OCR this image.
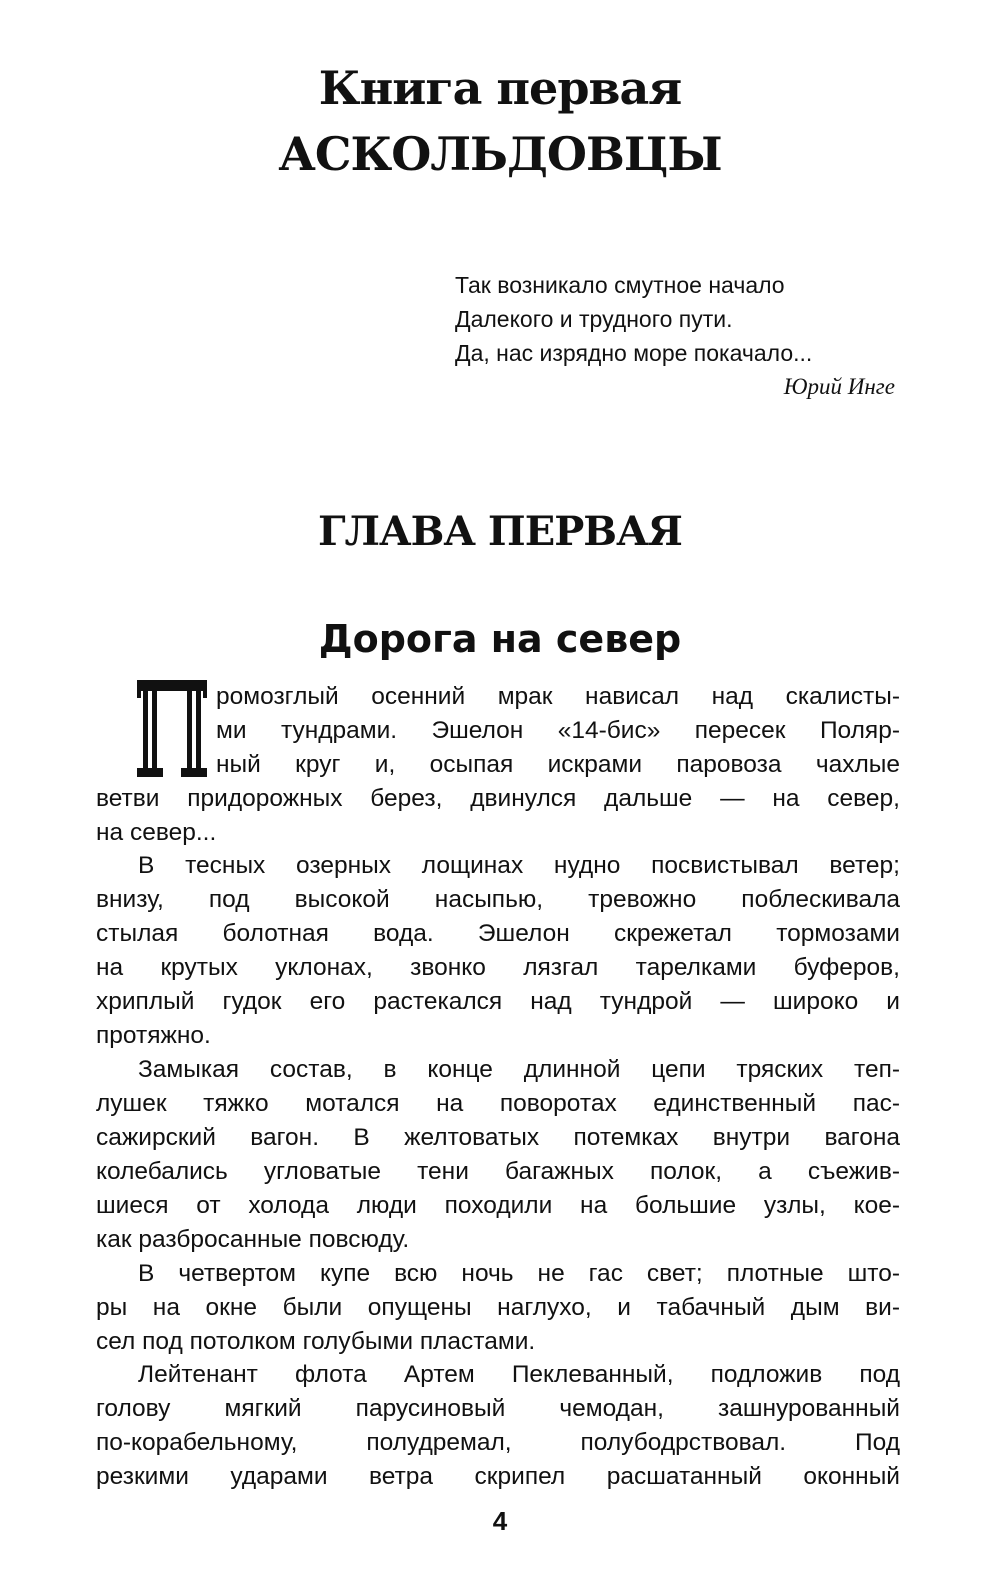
Книга первая
АСКОЛЬДОВЦЫ
Так возникало смутное начало
Далекого и трудного пути.
Да, нас изрядно море покачало...
Юрий Инге
ГЛАВА ПЕРВАЯ
Дорога на север
ромозглый осенний мрак нависал над скалисты-
ми тундрами. Эшелон «14-бис» пересек Поляр-
ный круг и, осыпая искрами паровоза чахлые
ветви придорожных берез, двинулся дальше — на север,
на север...
В тесных озерных лощинах нудно посвистывал ветер;
внизу, под высокой насыпью, тревожно поблескивала
стылая болотная вода. Эшелон скрежетал тормозами
на крутых уклонах, звонко лязгал тарелками буферов,
хриплый гудок его растекался над тундрой — широко и
протяжно.
Замыкая состав, в конце длинной цепи тряских теп-
лушек тяжко мотался на поворотах единственный пас-
сажирский вагон. В желтоватых потемках внутри вагона
колебались угловатые тени багажных полок, а съежив-
шиеся от холода люди походили на большие узлы, кое-
как разбросанные повсюду.
В четвертом купе всю ночь не гас свет; плотные што-
ры на окне были опущены наглухо, и табачный дым ви-
сел под потолком голубыми пластами.
Лейтенант флота Артем Пеклеванный, подложив под
голову мягкий парусиновый чемодан, зашнурованный
по-корабельному, полудремал, полубодрствовал. Под
резкими ударами ветра скрипел расшатанный оконный
4
